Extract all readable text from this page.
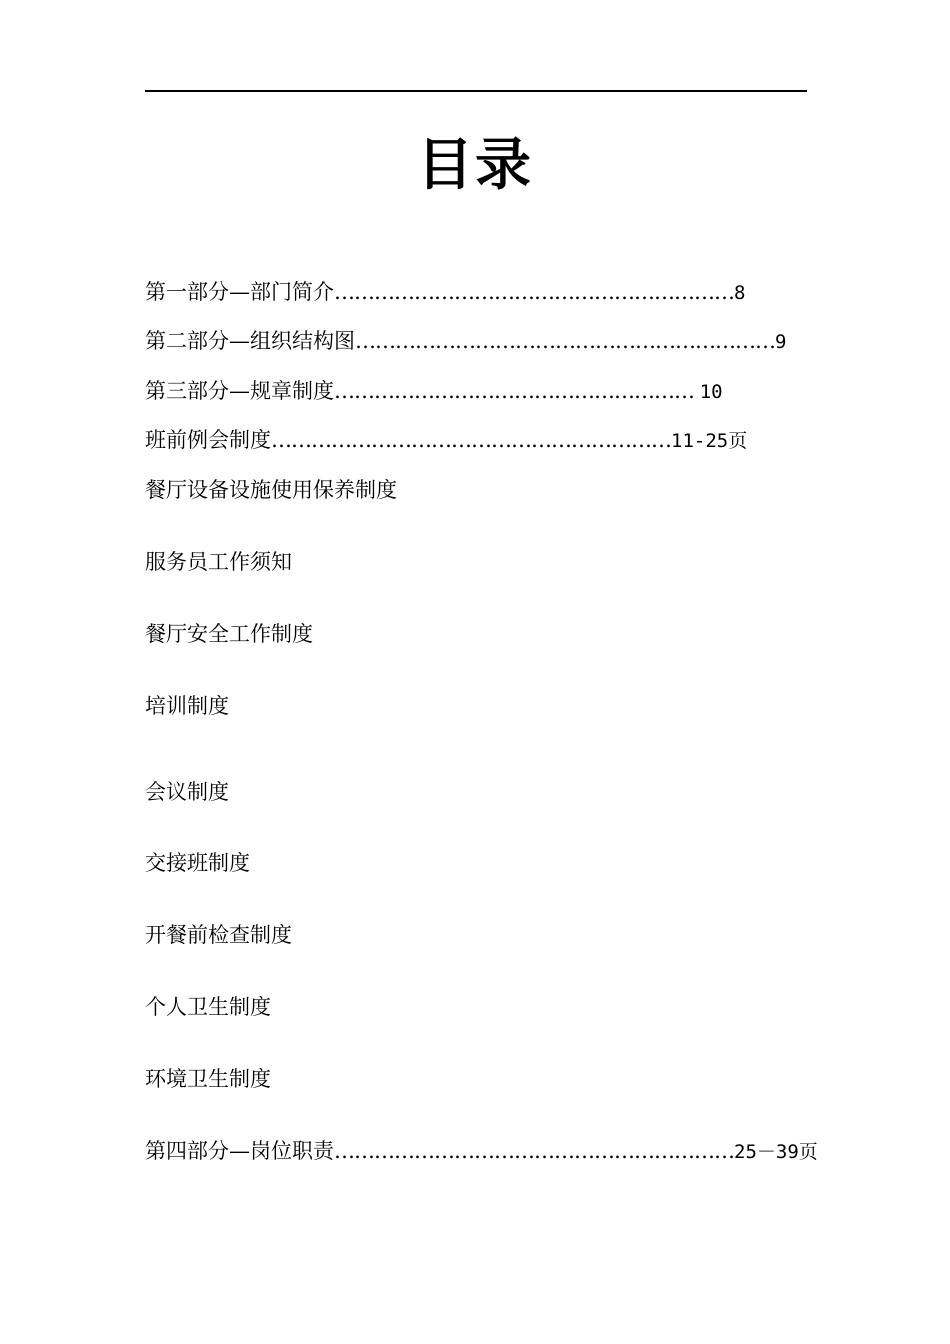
目录
第一部分—部门简介……………………………………………………8
第二部分—组织结构图………………………………………………………9
第三部分—规章制度……………………………………………… 10
班前例会制度……………………………………………………11-25页
餐厅设备设施使用保养制度
服务员工作须知
餐厅安全工作制度
培训制度
会议制度
交接班制度
开餐前检查制度
个人卫生制度
环境卫生制度
第四部分—岗位职责……………………………………………………25－39页
